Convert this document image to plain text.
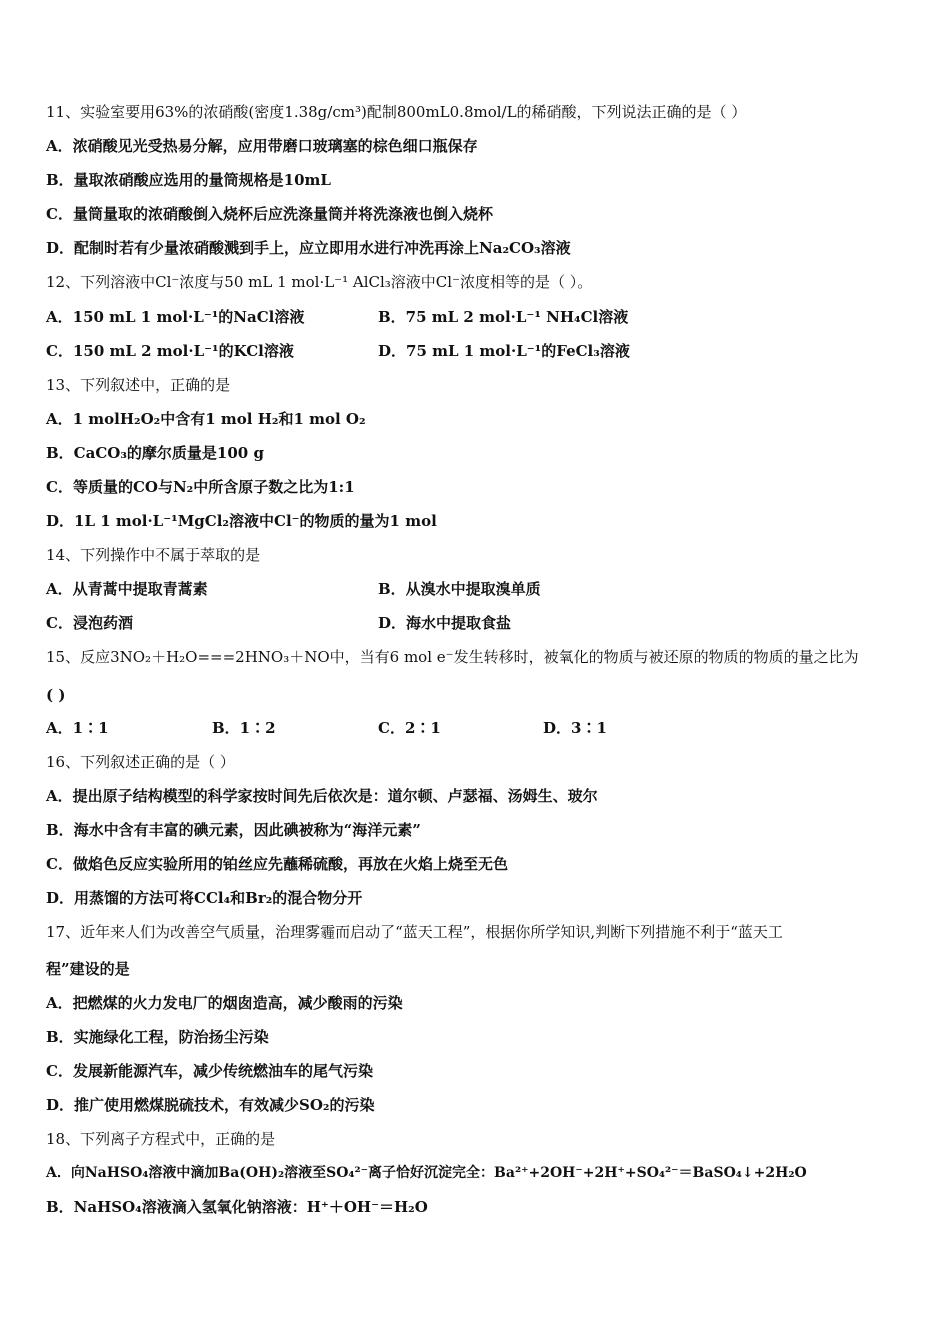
11、实验室要用63%的浓硝酸(密度1.38g/cm³)配制800mL0.8mol/L的稀硝酸，下列说法正确的是（ ）
A．浓硝酸见光受热易分解，应用带磨口玻璃塞的棕色细口瓶保存
B．量取浓硝酸应选用的量筒规格是10mL
C．量筒量取的浓硝酸倒入烧杯后应洗涤量筒并将洗涤液也倒入烧杯
D．配制时若有少量浓硝酸溅到手上，应立即用水进行冲洗再涂上Na₂CO₃溶液
12、下列溶液中Cl⁻浓度与50 mL 1 mol·L⁻¹ AlCl₃溶液中Cl⁻浓度相等的是（ ）。
A．150 mL 1 mol·L⁻¹的NaCl溶液	B．75 mL 2 mol·L⁻¹ NH₄Cl溶液
C．150 mL 2 mol·L⁻¹的KCl溶液	D．75 mL 1 mol·L⁻¹的FeCl₃溶液
13、下列叙述中，正确的是
A．1 molH₂O₂中含有1 mol H₂和1 mol O₂
B．CaCO₃的摩尔质量是100 g
C．等质量的CO与N₂中所含原子数之比为1:1
D．1L 1 mol·L⁻¹MgCl₂溶液中Cl⁻的物质的量为1 mol
14、下列操作中不属于萃取的是
A．从青蒿中提取青蒿素	B．从溴水中提取溴单质
C．浸泡药酒	D．海水中提取食盐
15、反应3NO₂＋H₂O===2HNO₃＋NO中，当有6 mol e⁻发生转移时，被氧化的物质与被还原的物质的物质的量之比为
( )
A．1∶1	B．1∶2	C．2∶1	D．3∶1
16、下列叙述正确的是（ ）
A．提出原子结构模型的科学家按时间先后依次是：道尔顿、卢瑟福、汤姆生、玻尔
B．海水中含有丰富的碘元素，因此碘被称为“海洋元素”
C．做焰色反应实验所用的铂丝应先蘸稀硫酸，再放在火焰上烧至无色
D．用蒸馏的方法可将CCl₄和Br₂的混合物分开
17、近年来人们为改善空气质量，治理雾霾而启动了“蓝天工程”，根据你所学知识,判断下列措施不利于“蓝天工
程”建设的是
A．把燃煤的火力发电厂的烟囱造高，减少酸雨的污染
B．实施绿化工程，防治扬尘污染
C．发展新能源汽车，减少传统燃油车的尾气污染
D．推广使用燃煤脱硫技术，有效减少SO₂的污染
18、下列离子方程式中，正确的是
A．向NaHSO₄溶液中滴加Ba(OH)₂溶液至SO₄²⁻离子恰好沉淀完全：Ba²⁺+2OH⁻+2H⁺+SO₄²⁻＝BaSO₄↓+2H₂O
B．NaHSO₄溶液滴入氢氧化钠溶液：H⁺＋OH⁻＝H₂O
